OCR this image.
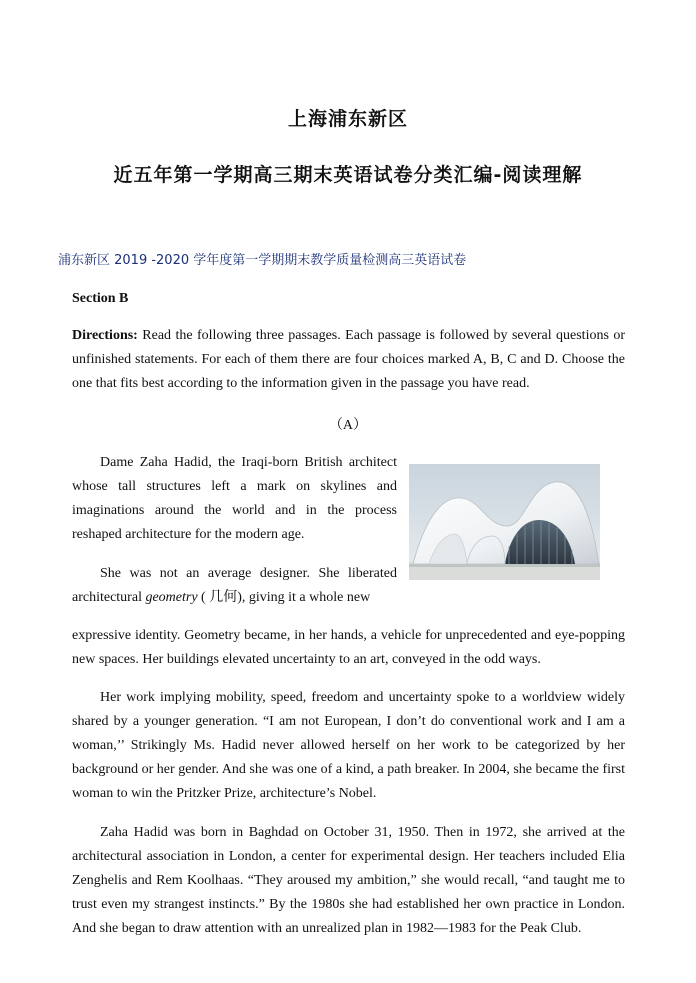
上海浦东新区
近五年第一学期高三期末英语试卷分类汇编-阅读理解
浦东新区 2019 -2020 学年度第一学期期末教学质量检测高三英语试卷
Section B

Directions: Read the following three passages. Each passage is followed by several questions or unfinished statements. For each of them there are four choices marked A, B, C and D. Choose the one that fits best according to the information given in the passage you have read.

（A）

Dame Zaha Hadid, the Iraqi-born British architect whose tall structures left a mark on skylines and imaginations around the world and in the process reshaped architecture for the modern age.

She was not an average designer. She liberated architectural geometry ( 几何), giving it a whole new

expressive identity. Geometry became, in her hands, a vehicle for unprecedented and eye-popping new spaces. Her buildings elevated uncertainty to an art, conveyed in the odd ways.

Her work implying mobility, speed, freedom and uncertainty spoke to a worldview widely shared by a younger generation. “I am not European, I don’t do conventional work and I am a woman,’’ Strikingly Ms. Hadid never allowed herself on her work to be categorized by her background or her gender. And she was one of a kind, a path breaker. In 2004, she became the first woman to win the Pritzker Prize, architecture’s Nobel.

Zaha Hadid was born in Baghdad on October 31, 1950. Then in 1972, she arrived at the architectural association in London, a center for experimental design. Her teachers included Elia Zenghelis and Rem Koolhaas. “They aroused my ambition,” she would recall, “and taught me to trust even my strangest instincts.” By the 1980s she had established her own practice in London. And she began to draw attention with an unrealized plan in 1982—1983 for the Peak Club.
